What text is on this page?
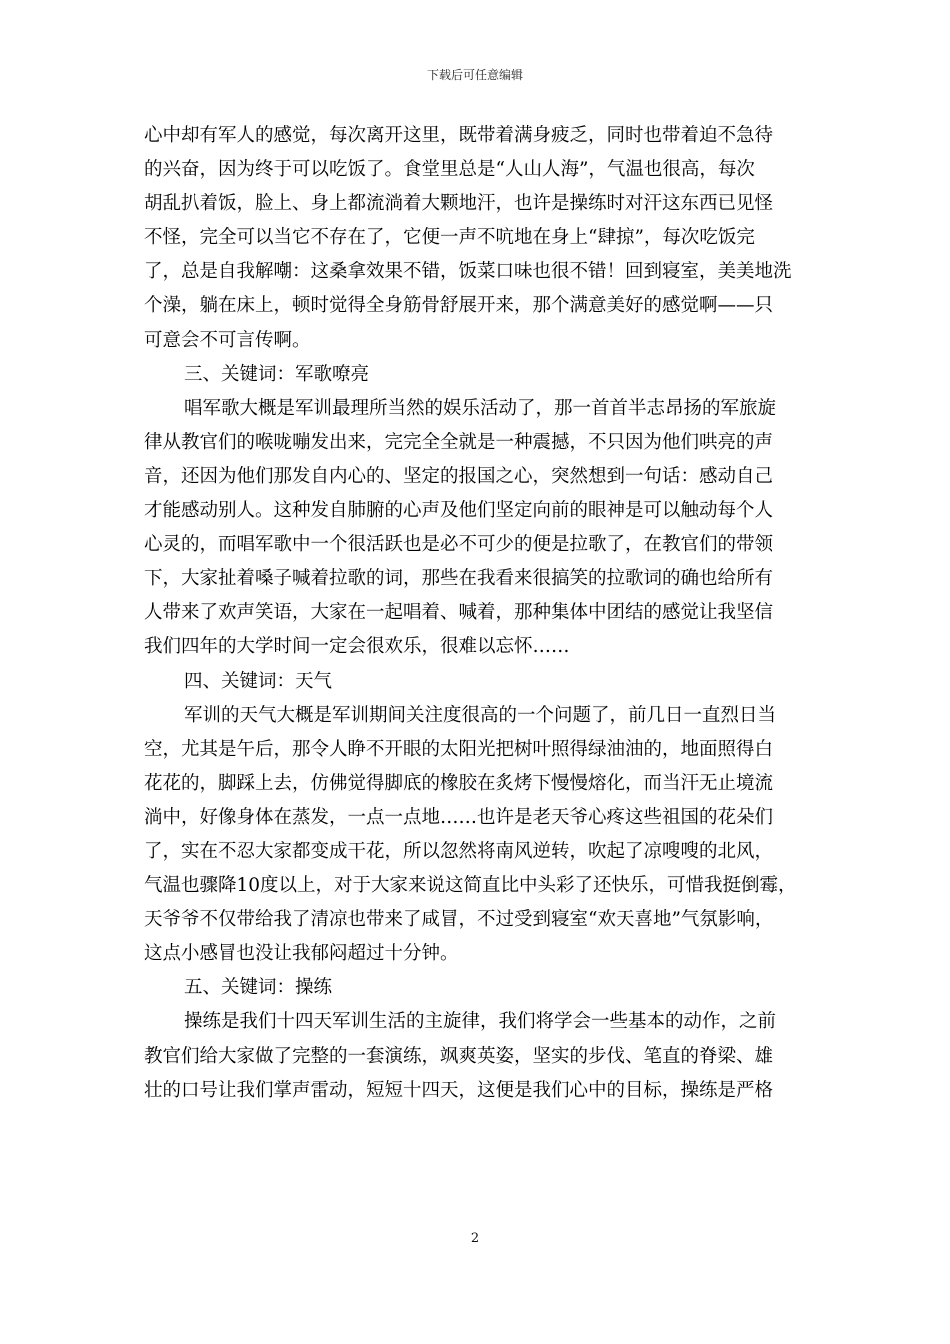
下载后可任意编辑
心中却有军人的感觉，每次离开这里，既带着满身疲乏，同时也带着迫不急待
的兴奋，因为终于可以吃饭了。食堂里总是“人山人海”，气温也很高，每次
胡乱扒着饭，脸上、身上都流淌着大颗地汗，也许是操练时对汗这东西已见怪
不怪，完全可以当它不存在了，它便一声不吭地在身上“肆掠”，每次吃饭完
了，总是自我解嘲：这桑拿效果不错，饭菜口味也很不错！回到寝室，美美地洗
个澡，躺在床上，顿时觉得全身筋骨舒展开来，那个满意美好的感觉啊——只
可意会不可言传啊。
三、关键词：军歌嘹亮
唱军歌大概是军训最理所当然的娱乐活动了，那一首首半志昂扬的军旅旋
律从教官们的喉咙嘣发出来，完完全全就是一种震撼，不只因为他们哄亮的声
音，还因为他们那发自内心的、坚定的报国之心，突然想到一句话：感动自己
才能感动别人。这种发自肺腑的心声及他们坚定向前的眼神是可以触动每个人
心灵的，而唱军歌中一个很活跃也是必不可少的便是拉歌了，在教官们的带领
下，大家扯着嗓子喊着拉歌的词，那些在我看来很搞笑的拉歌词的确也给所有
人带来了欢声笑语，大家在一起唱着、喊着，那种集体中团结的感觉让我坚信
我们四年的大学时间一定会很欢乐，很难以忘怀……
四、关键词：天气
军训的天气大概是军训期间关注度很高的一个问题了，前几日一直烈日当
空，尤其是午后，那令人睁不开眼的太阳光把树叶照得绿油油的，地面照得白
花花的，脚踩上去，仿佛觉得脚底的橡胶在炙烤下慢慢熔化，而当汗无止境流
淌中，好像身体在蒸发，一点一点地……也许是老天爷心疼这些祖国的花朵们
了，实在不忍大家都变成干花，所以忽然将南风逆转，吹起了凉嗖嗖的北风，
气温也骤降10度以上，对于大家来说这简直比中头彩了还快乐，可惜我挺倒霉，
天爷爷不仅带给我了清凉也带来了咸冒，不过受到寝室“欢天喜地”气氛影响，
这点小感冒也没让我郁闷超过十分钟。
五、关键词：操练
操练是我们十四天军训生活的主旋律，我们将学会一些基本的动作，之前
教官们给大家做了完整的一套演练，飒爽英姿，坚实的步伐、笔直的脊梁、雄
壮的口号让我们掌声雷动，短短十四天，这便是我们心中的目标，操练是严格
2
